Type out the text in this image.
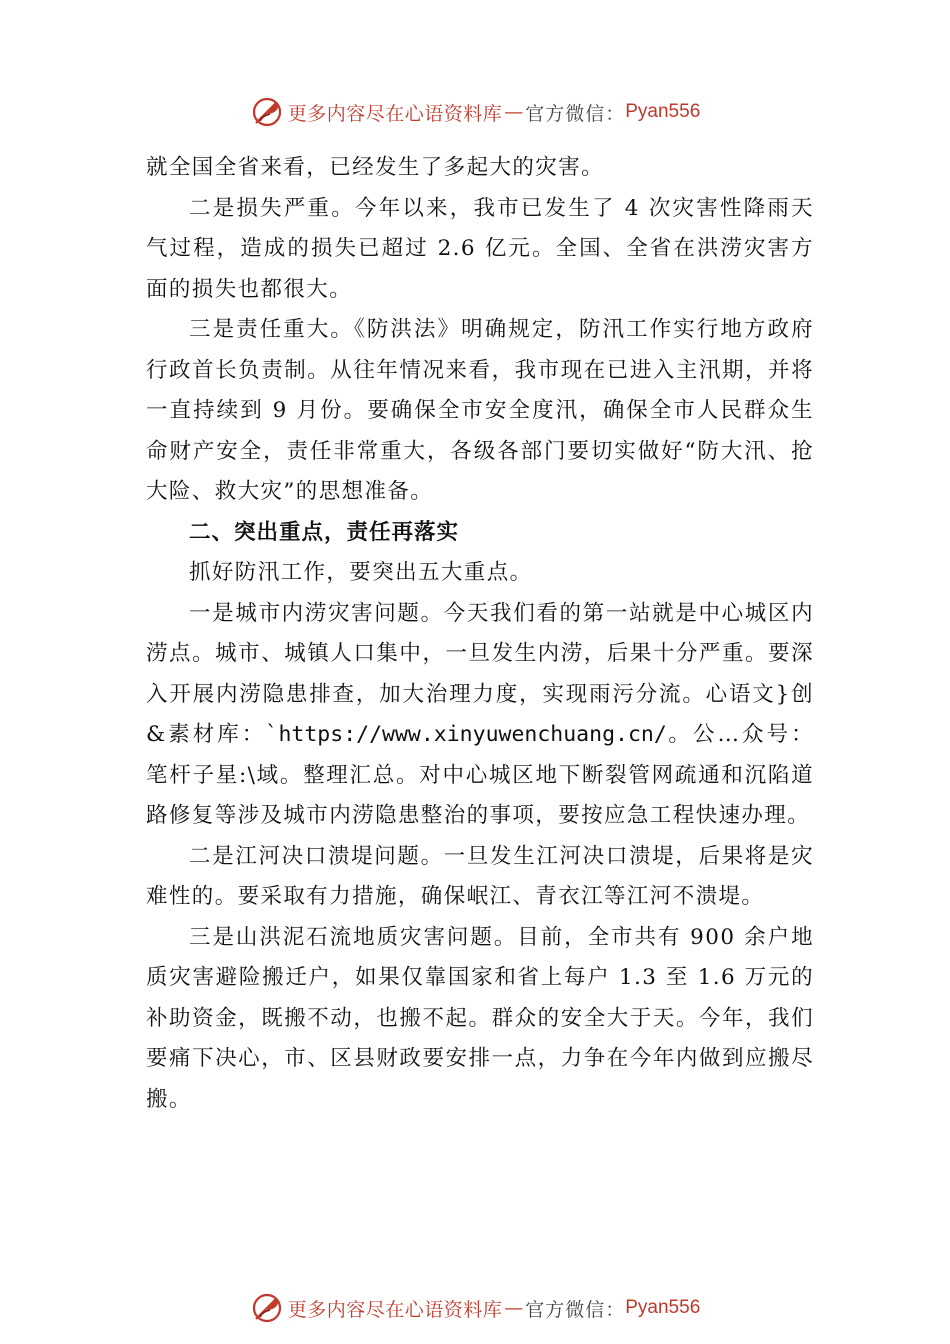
更多内容尽在心语资料库 — 官方微信： Pyan556

就全国全省来看，已经发生了多起大的灾害。

二是损失严重。今年以来，我市已发生了 4 次灾害性降雨天气过程，造成的损失已超过 2.6 亿元。全国、全省在洪涝灾害方面的损失也都很大。

三是责任重大。《防洪法》明确规定，防汛工作实行地方政府行政首长负责制。从往年情况来看，我市现在已进入主汛期，并将一直持续到 9 月份。要确保全市安全度汛，确保全市人民群众生命财产安全，责任非常重大，各级各部门要切实做好“防大汛、抢大险、救大灾”的思想准备。

二、突出重点，责任再落实

抓好防汛工作，要突出五大重点。

一是城市内涝灾害问题。今天我们看的第一站就是中心城区内涝点。城市、城镇人口集中，一旦发生内涝，后果十分严重。要深入开展内涝隐患排查，加大治理力度，实现雨污分流。心语文}创&素材库：`https://www.xinyuwenchuang.cn/。公…众号：笔杆子星:\域。整理汇总。对中心城区地下断裂管网疏通和沉陷道路修复等涉及城市内涝隐患整治的事项，要按应急工程快速办理。

二是江河决口溃堤问题。一旦发生江河决口溃堤，后果将是灾难性的。要采取有力措施，确保岷江、青衣江等江河不溃堤。

三是山洪泥石流地质灾害问题。目前，全市共有 900 余户地质灾害避险搬迁户，如果仅靠国家和省上每户 1.3 至 1.6 万元的补助资金，既搬不动，也搬不起。群众的安全大于天。今年，我们要痛下决心，市、区县财政要安排一点，力争在今年内做到应搬尽搬。

更多内容尽在心语资料库 — 官方微信： Pyan556
